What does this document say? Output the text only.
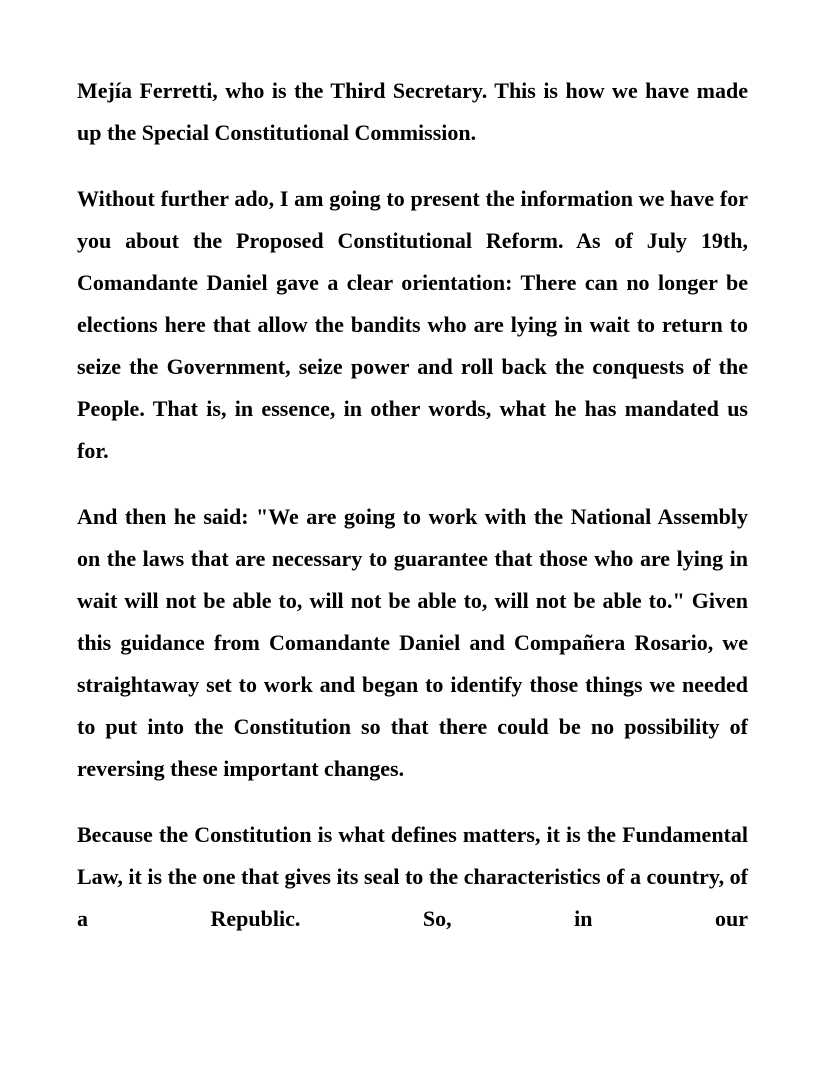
Mejía Ferretti, who is the Third Secretary. This is how we have made up the Special Constitutional Commission.

Without further ado, I am going to present the information we have for you about the Proposed Constitutional Reform. As of July 19th, Comandante Daniel gave a clear orientation: There can no longer be elections here that allow the bandits who are lying in wait to return to seize the Government, seize power and roll back the conquests of the People. That is, in essence, in other words, what he has mandated us for.

And then he said: "We are going to work with the National Assembly on the laws that are necessary to guarantee that those who are lying in wait will not be able to, will not be able to, will not be able to." Given this guidance from Comandante Daniel and Compañera Rosario, we straightaway set to work and began to identify those things we needed to put into the Constitution so that there could be no possibility of reversing these important changes.

Because the Constitution is what defines matters, it is the Fundamental Law, it is the one that gives its seal to the characteristics of a country, of a Republic. So, in our
